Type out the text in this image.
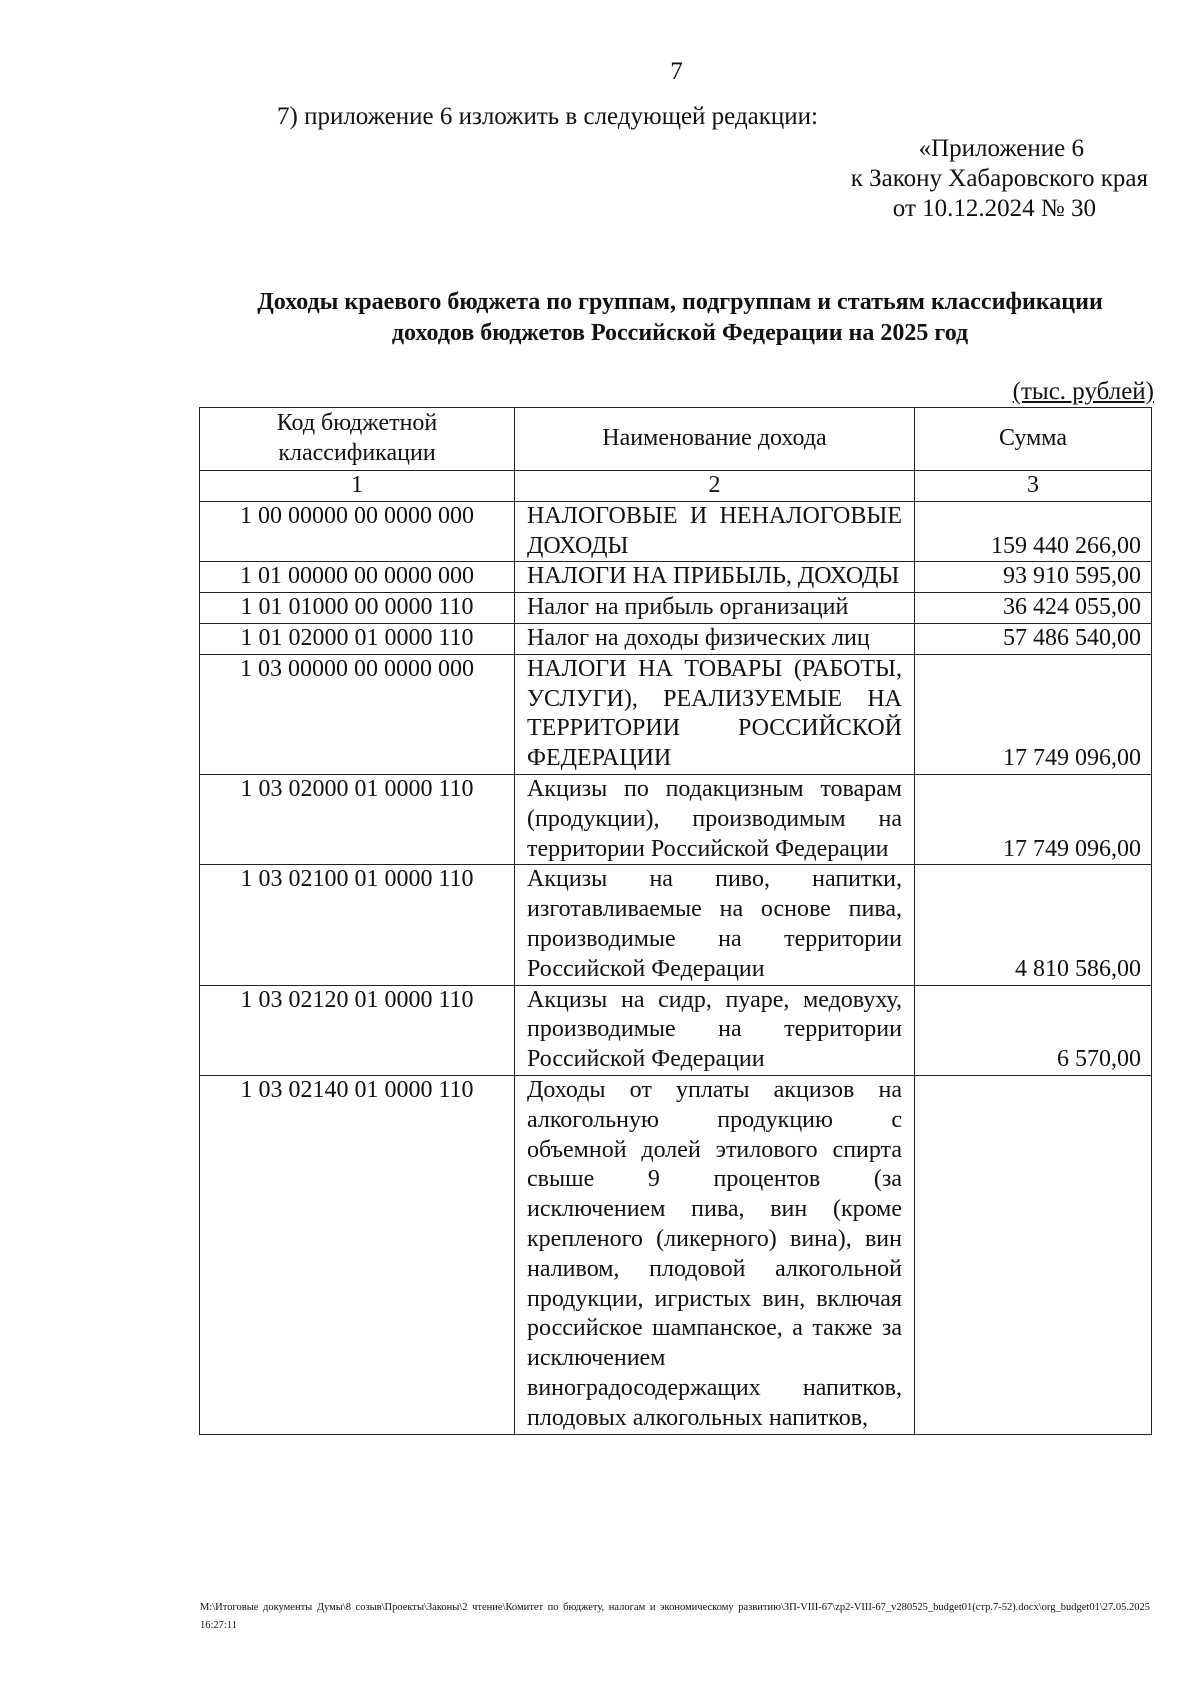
7
7) приложение 6 изложить в следующей редакции:
«Приложение 6
к Закону Хабаровского края
от 10.12.2024 № 30
Доходы краевого бюджета по группам, подгруппам и статьям классификации
доходов бюджетов Российской Федерации на 2025 год
(тыс. рублей)
Код бюджетной классификации	Наименование дохода	Сумма
1	2	3
1 00 00000 00 0000 000	НАЛОГОВЫЕ И НЕНАЛОГОВЫЕ ДОХОДЫ	159 440 266,00
1 01 00000 00 0000 000	НАЛОГИ НА ПРИБЫЛЬ, ДОХОДЫ	93 910 595,00
1 01 01000 00 0000 110	Налог на прибыль организаций	36 424 055,00
1 01 02000 01 0000 110	Налог на доходы физических лиц	57 486 540,00
1 03 00000 00 0000 000	НАЛОГИ НА ТОВАРЫ (РАБОТЫ, УСЛУГИ), РЕАЛИЗУЕМЫЕ НА ТЕРРИТОРИИ РОССИЙСКОЙ ФЕДЕРАЦИИ	17 749 096,00
1 03 02000 01 0000 110	Акцизы по подакцизным товарам (продукции), производимым на территории Российской Федерации	17 749 096,00
1 03 02100 01 0000 110	Акцизы на пиво, напитки, изготавливаемые на основе пива, производимые на территории Российской Федерации	4 810 586,00
1 03 02120 01 0000 110	Акцизы на сидр, пуаре, медовуху, производимые на территории Российской Федерации	6 570,00
1 03 02140 01 0000 110	Доходы от уплаты акцизов на алкогольную продукцию с объемной долей этилового спирта свыше 9 процентов (за исключением пива, вин (кроме крепленого (ликерного) вина), вин наливом, плодовой алкогольной продукции, игристых вин, включая российское шампанское, а также за исключением виноградосодержащих напитков, плодовых алкогольных напитков,	
М:\Итоговые документы Думы\8 созыв\Проекты\Законы\2 чтение\Комитет по бюджету, налогам и экономическому развитию\ЗП-VIII-67\zp2-VIII-67_v280525_budget01(стр.7-52).docx\org_budget01\27.05.2025 16:27:11
